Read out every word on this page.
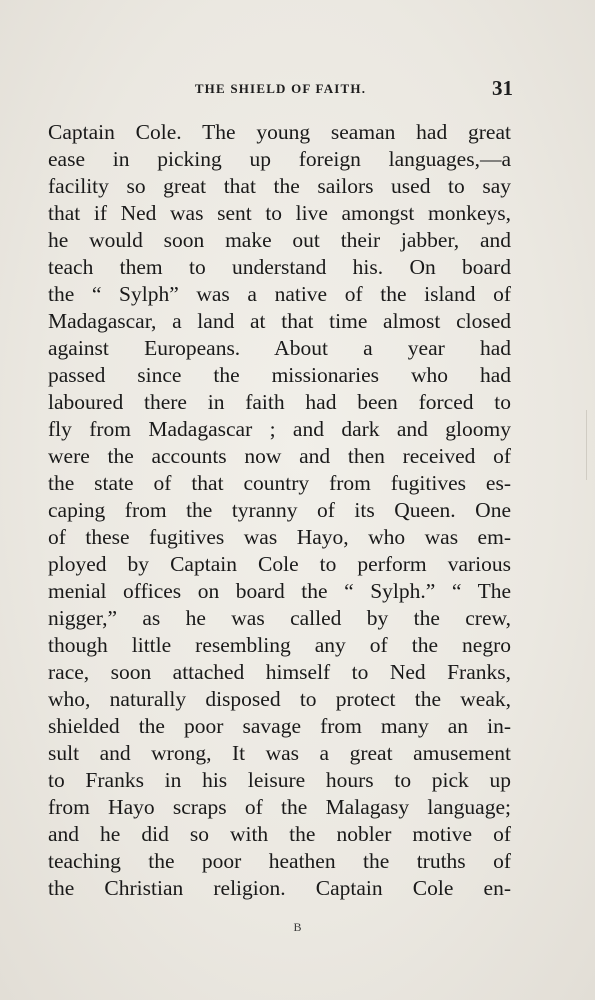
THE SHIELD OF FAITH.	31
Captain Cole. The young seaman had great
ease in picking up foreign languages,—a
facility so great that the sailors used to say
that if Ned was sent to live amongst monkeys,
he would soon make out their jabber, and
teach them to understand his. On board
the “ Sylph” was a native of the island of
Madagascar, a land at that time almost closed
against Europeans. About a year had
passed since the missionaries who had
laboured there in faith had been forced to
fly from Madagascar ; and dark and gloomy
were the accounts now and then received of
the state of that country from fugitives es-
caping from the tyranny of its Queen. One
of these fugitives was Hayo, who was em-
ployed by Captain Cole to perform various
menial offices on board the “ Sylph.” “ The
nigger,” as he was called by the crew,
though little resembling any of the negro
race, soon attached himself to Ned Franks,
who, naturally disposed to protect the weak,
shielded the poor savage from many an in-
sult and wrong, It was a great amusement
to Franks in his leisure hours to pick up
from Hayo scraps of the Malagasy language;
and he did so with the nobler motive of
teaching the poor heathen the truths of
the Christian religion. Captain Cole en-
B
